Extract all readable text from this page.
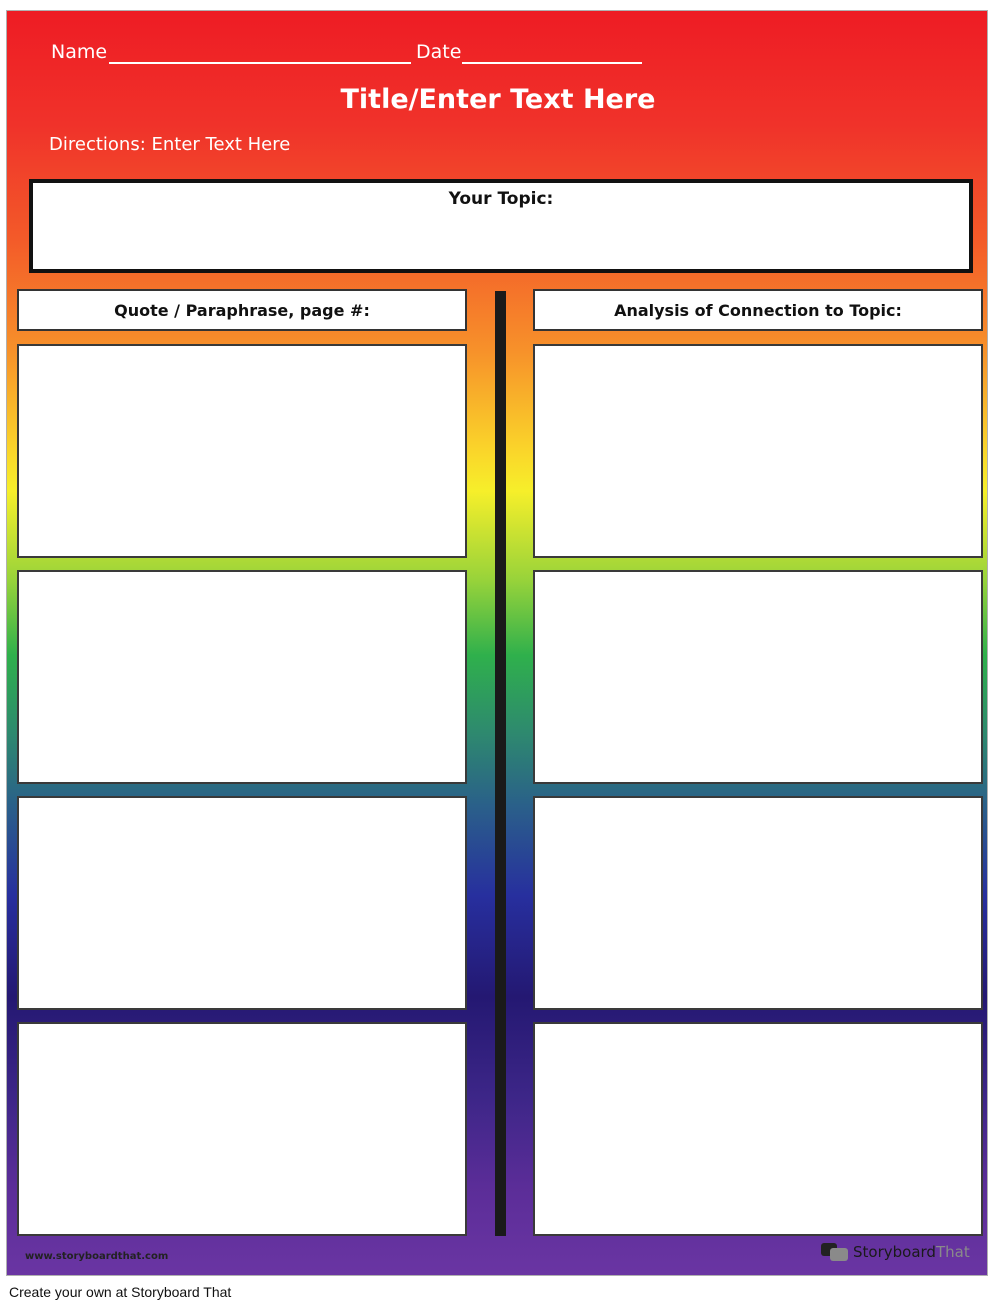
Name	Date
Title/Enter Text Here
Directions: Enter Text Here
Your Topic:
Quote / Paraphrase, page #:	Analysis of Connection to Topic:
www.storyboardthat.com	StoryboardThat
Create your own at Storyboard That
